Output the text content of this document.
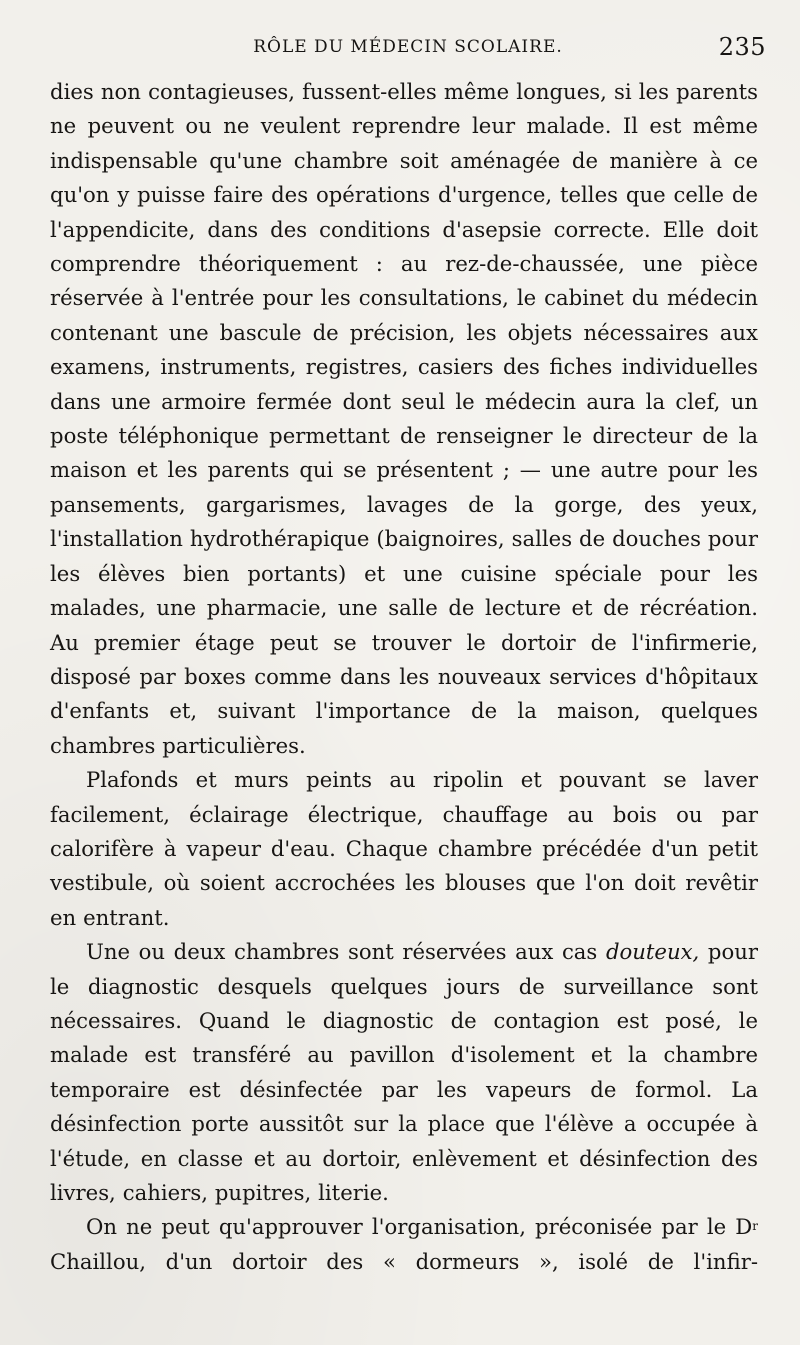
RÔLE DU MÉDECIN SCOLAIRE.	235

dies non contagieuses, fussent-elles même longues, si les parents ne peuvent ou ne veulent reprendre leur malade. Il est même indispensable qu'une chambre soit aménagée de manière à ce qu'on y puisse faire des opérations d'urgence, telles que celle de l'appendicite, dans des conditions d'asepsie correcte. Elle doit comprendre théoriquement : au rez-de-chaussée, une pièce réservée à l'entrée pour les consultations, le cabinet du médecin contenant une bascule de précision, les objets nécessaires aux examens, instruments, registres, casiers des fiches individuelles dans une armoire fermée dont seul le médecin aura la clef, un poste téléphonique permettant de renseigner le directeur de la maison et les parents qui se présentent ; — une autre pour les pansements, gargarismes, lavages de la gorge, des yeux, l'installation hydrothérapique (baignoires, salles de douches pour les élèves bien portants) et une cuisine spéciale pour les malades, une pharmacie, une salle de lecture et de récréation. Au premier étage peut se trouver le dortoir de l'infirmerie, disposé par boxes comme dans les nouveaux services d'hôpitaux d'enfants et, suivant l'importance de la maison, quelques chambres particulières.

Plafonds et murs peints au ripolin et pouvant se laver facilement, éclairage électrique, chauffage au bois ou par calorifère à vapeur d'eau. Chaque chambre précédée d'un petit vestibule, où soient accrochées les blouses que l'on doit revêtir en entrant.

Une ou deux chambres sont réservées aux cas douteux, pour le diagnostic desquels quelques jours de surveillance sont nécessaires. Quand le diagnostic de contagion est posé, le malade est transféré au pavillon d'isolement et la chambre temporaire est désinfectée par les vapeurs de formol. La désinfection porte aussitôt sur la place que l'élève a occupée à l'étude, en classe et au dortoir, enlèvement et désinfection des livres, cahiers, pupitres, literie.

On ne peut qu'approuver l'organisation, préconisée par le $D^r$ Chaillou, d'un dortoir des « dormeurs », isolé de l'infir-
